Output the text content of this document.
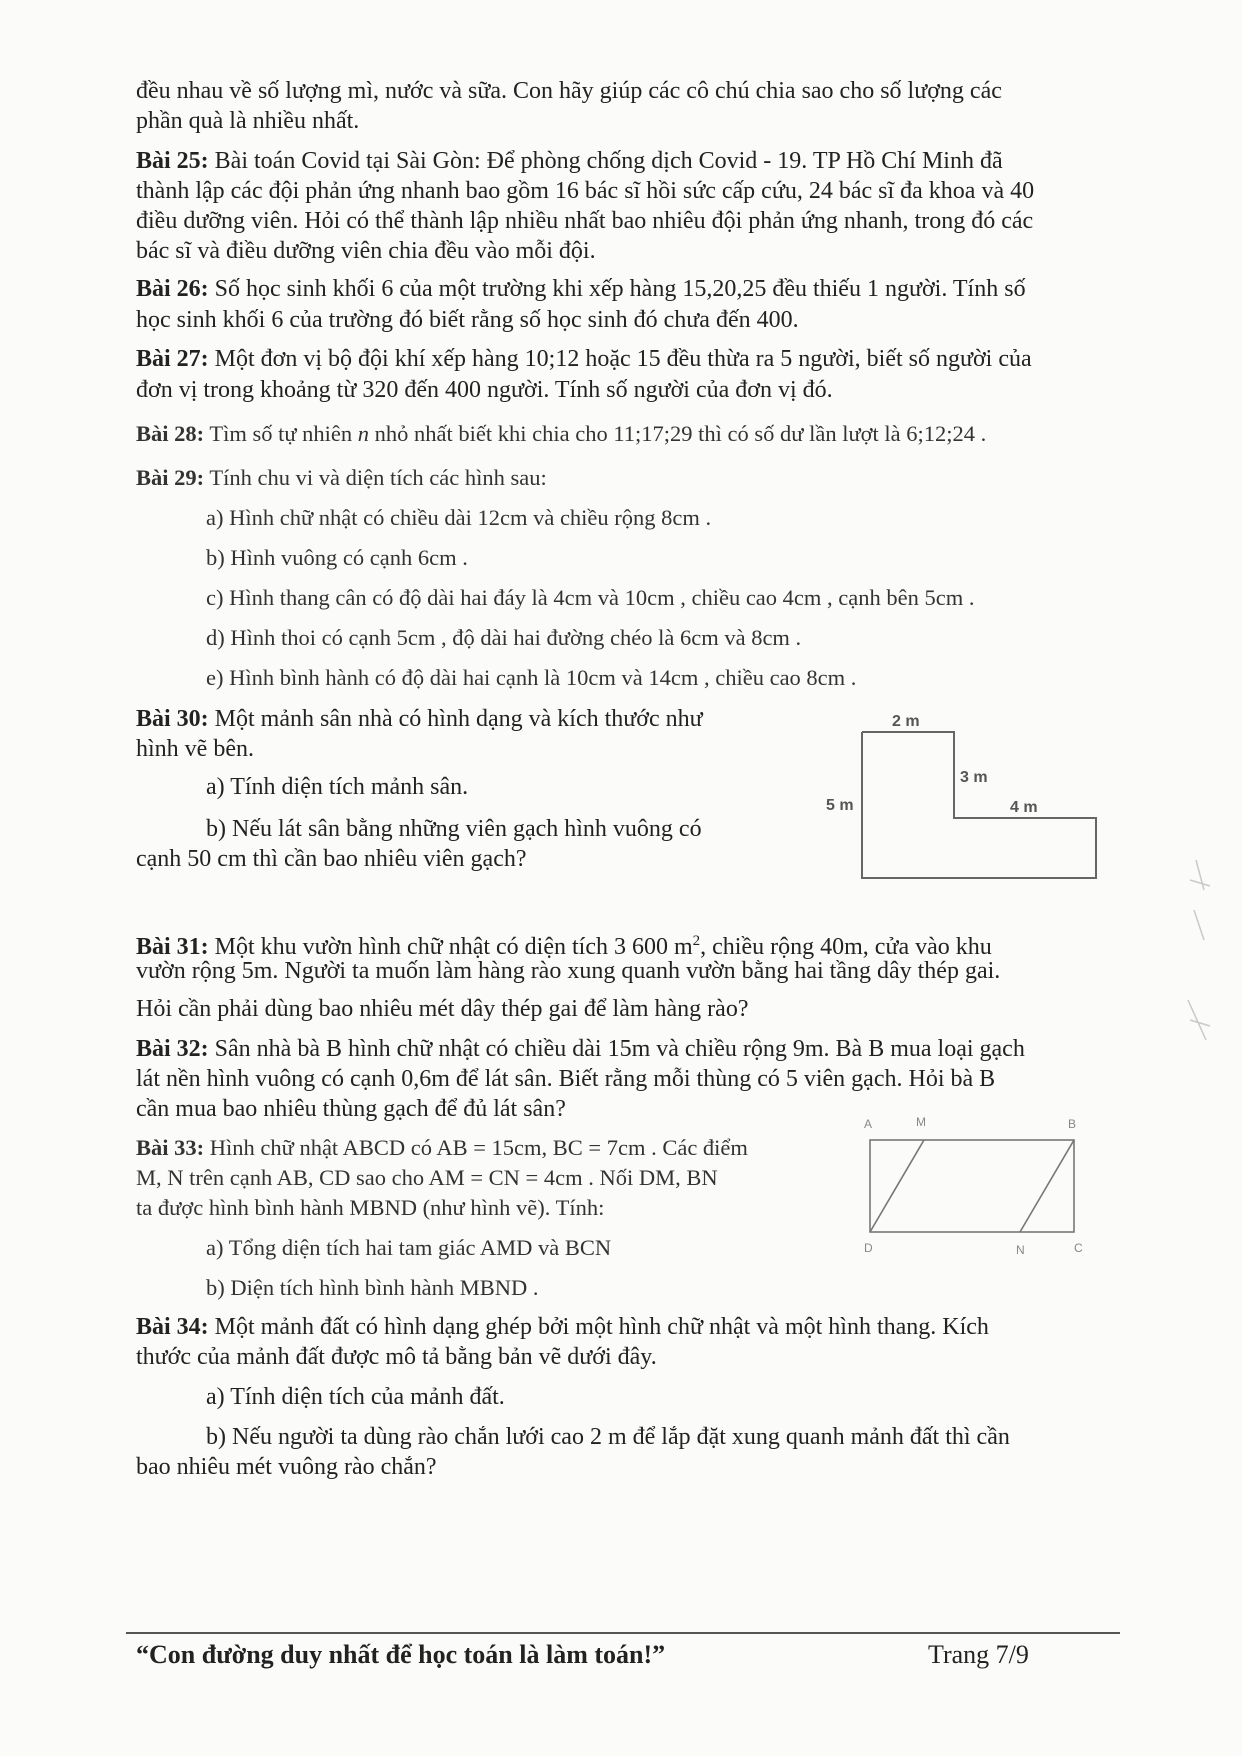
đều nhau về số lượng mì, nước và sữa. Con hãy giúp các cô chú chia sao cho số lượng các

phần quà là nhiều nhất.

Bài 25: Bài toán Covid tại Sài Gòn: Để phòng chống dịch Covid - 19. TP Hồ Chí Minh đã

thành lập các đội phản ứng nhanh bao gồm 16 bác sĩ hồi sức cấp cứu, 24 bác sĩ đa khoa và 40

điều dưỡng viên. Hỏi có thể thành lập nhiều nhất bao nhiêu đội phản ứng nhanh, trong đó các

bác sĩ và điều dưỡng viên chia đều vào mỗi đội.

Bài 26: Số học sinh khối 6 của một trường khi xếp hàng 15,20,25 đều thiếu 1 người. Tính số

học sinh khối 6 của trường đó biết rằng số học sinh đó chưa đến 400.

Bài 27: Một đơn vị bộ đội khí xếp hàng 10;12 hoặc 15 đều thừa ra 5 người, biết số người của

đơn vị trong khoảng từ 320 đến 400 người. Tính số người của đơn vị đó.

Bài 28: Tìm số tự nhiên n nhỏ nhất biết khi chia cho 11;17;29 thì có số dư lần lượt là 6;12;24 .

Bài 29: Tính chu vi và diện tích các hình sau:

a) Hình chữ nhật có chiều dài 12cm và chiều rộng 8cm .

b) Hình vuông có cạnh 6cm .

c) Hình thang cân có độ dài hai đáy là 4cm và 10cm , chiều cao 4cm , cạnh bên 5cm .

d) Hình thoi có cạnh 5cm , độ dài hai đường chéo là 6cm và 8cm .

e) Hình bình hành có độ dài hai cạnh là 10cm và 14cm , chiều cao 8cm .

Bài 30: Một mảnh sân nhà có hình dạng và kích thước như

hình vẽ bên.

a) Tính diện tích mảnh sân.

b) Nếu lát sân bằng những viên gạch hình vuông có

cạnh 50 cm thì cần bao nhiêu viên gạch?

2 m
3 m
5 m	4 m

Bài 31: Một khu vườn hình chữ nhật có diện tích 3 600 $m^2$, chiều rộng 40m, cửa vào khu

vườn rộng 5m. Người ta muốn làm hàng rào xung quanh vườn bằng hai tầng dây thép gai.

Hỏi cần phải dùng bao nhiêu mét dây thép gai để làm hàng rào?

Bài 32: Sân nhà bà B hình chữ nhật có chiều dài 15m và chiều rộng 9m. Bà B mua loại gạch

lát nền hình vuông có cạnh 0,6m để lát sân. Biết rằng mỗi thùng có 5 viên gạch. Hỏi bà B

cần mua bao nhiêu thùng gạch để đủ lát sân?

Bài 33: Hình chữ nhật ABCD có AB = 15cm, BC = 7cm . Các điểm

M, N trên cạnh AB, CD sao cho AM = CN = 4cm . Nối DM, BN

ta được hình bình hành MBND (như hình vẽ). Tính:

a) Tổng diện tích hai tam giác AMD và BCN

b) Diện tích hình bình hành MBND .

A	M	B
D	N	C

Bài 34: Một mảnh đất có hình dạng ghép bởi một hình chữ nhật và một hình thang. Kích

thước của mảnh đất được mô tả bằng bản vẽ dưới đây.

a) Tính diện tích của mảnh đất.

b) Nếu người ta dùng rào chắn lưới cao 2 m để lắp đặt xung quanh mảnh đất thì cần

bao nhiêu mét vuông rào chắn?

“Con đường duy nhất để học toán là làm toán!”	Trang 7/9
